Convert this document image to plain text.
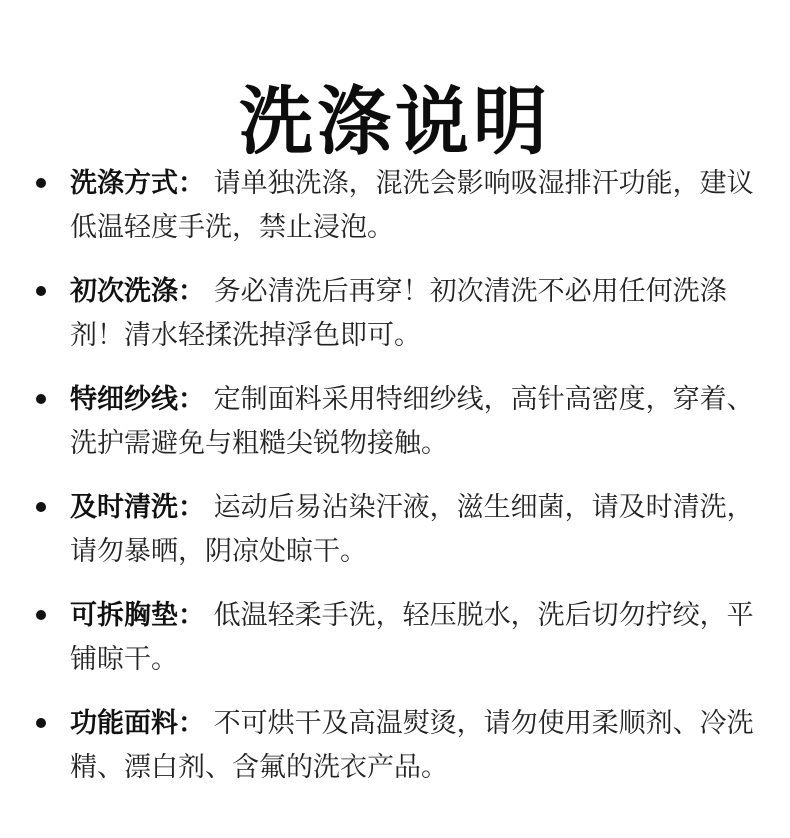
洗涤说明
洗涤方式： 请单独洗涤，混洗会影响吸湿排汗功能，建议低温轻度手洗，禁止浸泡。
初次洗涤： 务必清洗后再穿！初次清洗不必用任何洗涤剂！清水轻揉洗掉浮色即可。
特细纱线： 定制面料采用特细纱线，高针高密度，穿着、洗护需避免与粗糙尖锐物接触。
及时清洗： 运动后易沾染汗液，滋生细菌，请及时清洗，请勿暴晒，阴凉处晾干。
可拆胸垫： 低温轻柔手洗，轻压脱水，洗后切勿拧绞，平铺晾干。
功能面料： 不可烘干及高温熨烫，请勿使用柔顺剂、冷洗精、漂白剂、含氟的洗衣产品。
